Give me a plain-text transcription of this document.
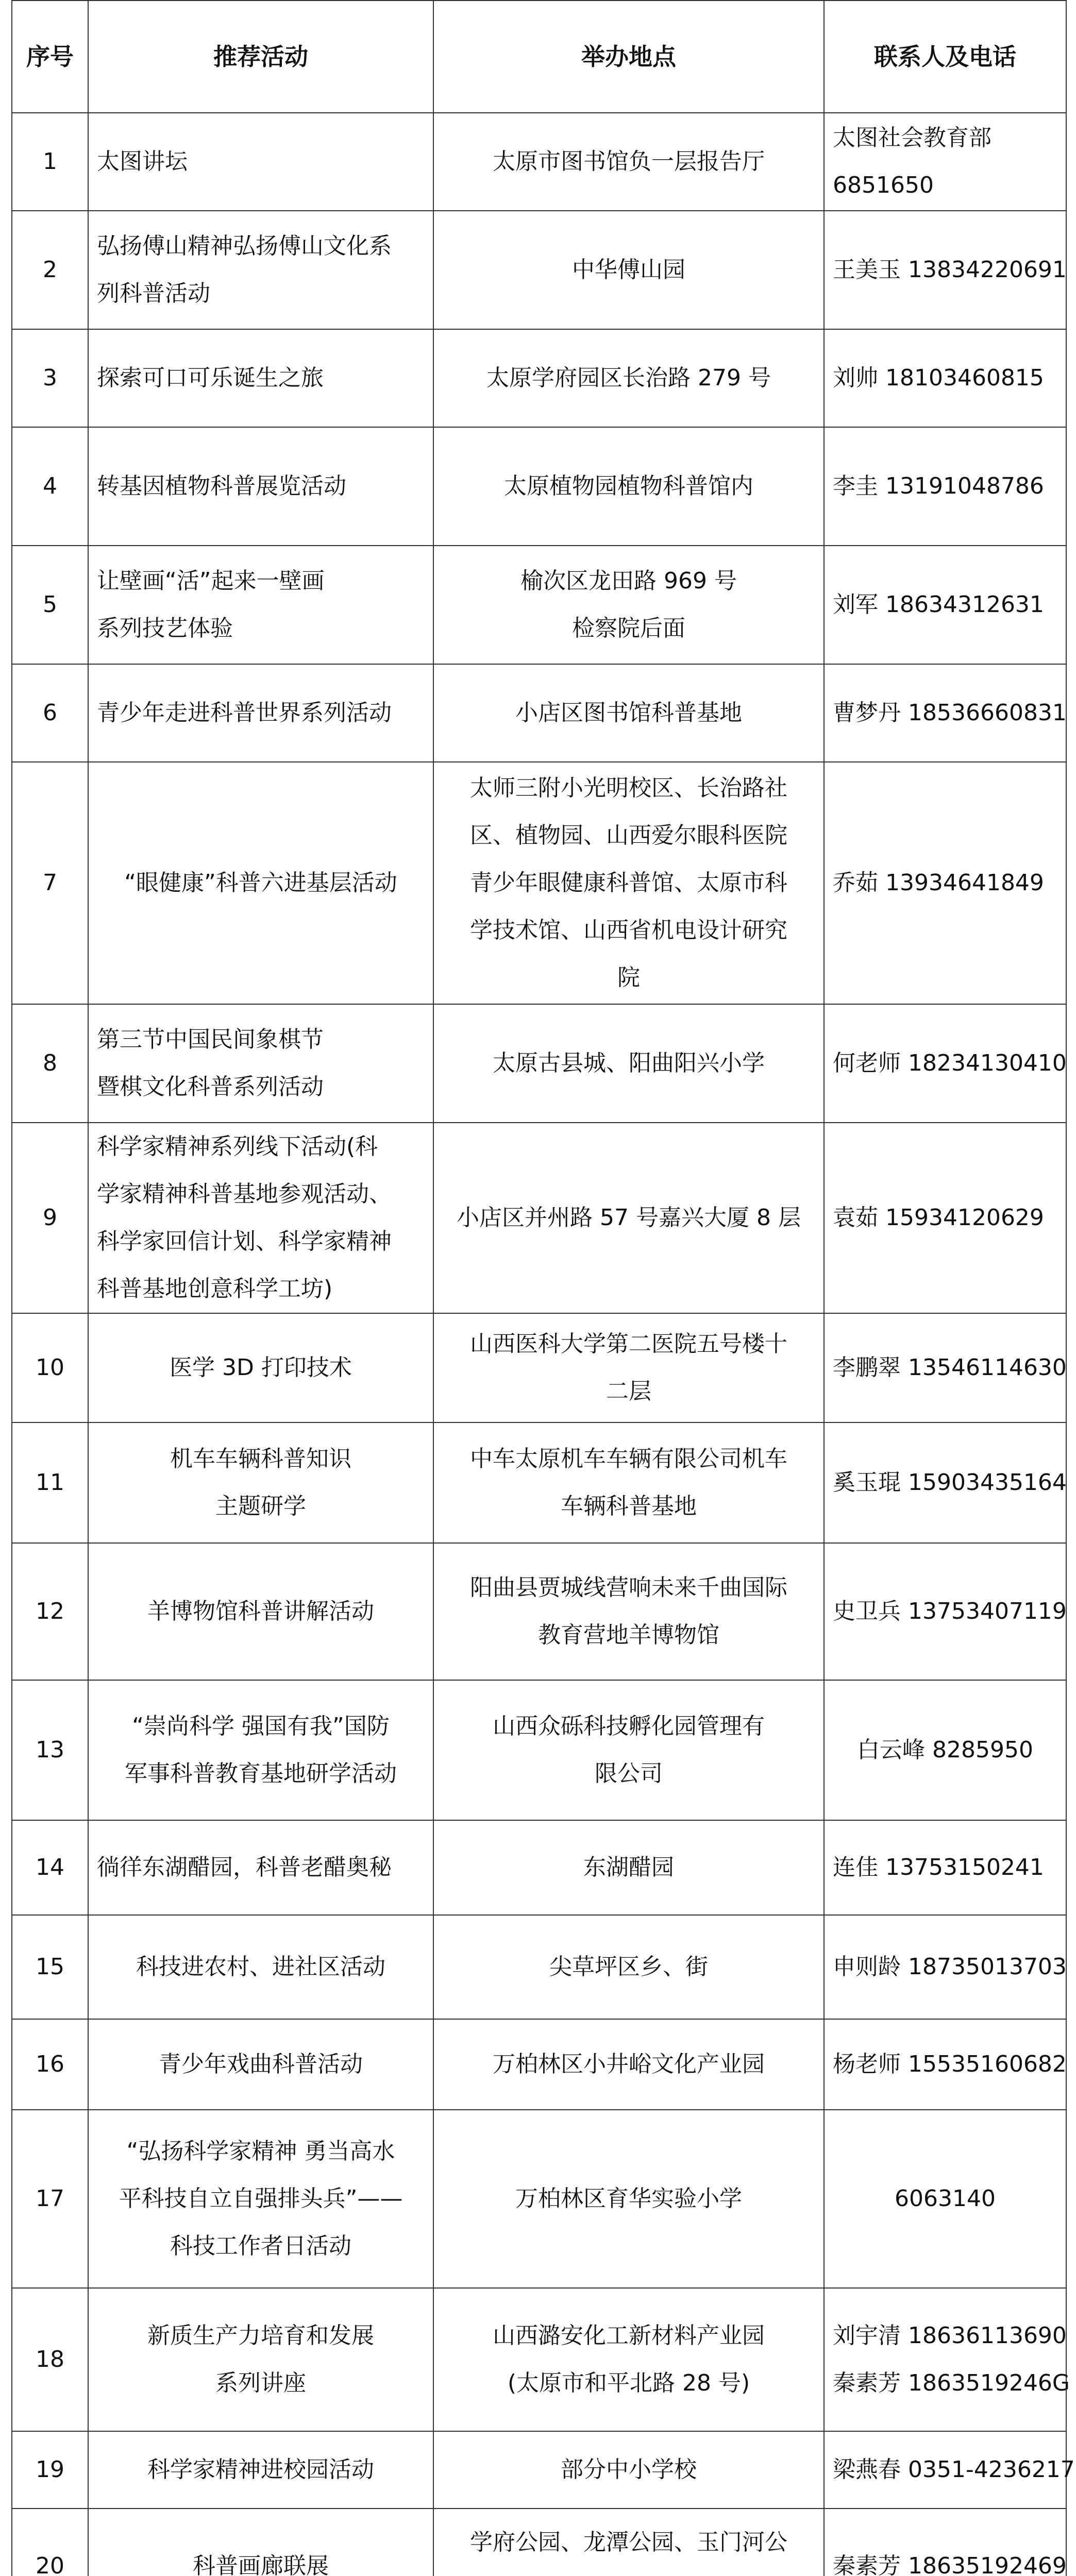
序号	推荐活动	举办地点	联系人及电话
1	太图讲坛	太原市图书馆负一层报告厅	太图社会教育部
6851650

2	弘扬傅山精神弘扬傅山文化系
列科普活动	中华傅山园	王美玉 13834220691

3	探索可口可乐诞生之旅	太原学府园区长治路 279 号	刘帅 18103460815

4	转基因植物科普展览活动	太原植物园植物科普馆内	李圭 13191048786

5	让壁画“活”起来一壁画
系列技艺体验	榆次区龙田路 969 号
检察院后面	刘军 18634312631

6	青少年走进科普世界系列活动	小店区图书馆科普基地	曹梦丹 18536660831

7	“眼健康”科普六进基层活动	太师三附小光明校区、长治路社
区、植物园、山西爱尔眼科医院
青少年眼健康科普馆、太原市科
学技术馆、山西省机电设计研究
院	乔茹 13934641849

8	第三节中国民间象棋节
暨棋文化科普系列活动	太原古县城、阳曲阳兴小学	何老师 18234130410

9	科学家精神系列线下活动(科
学家精神科普基地参观活动、
科学家回信计划、科学家精神
科普基地创意科学工坊)	小店区并州路 57 号嘉兴大厦 8 层	袁茹 15934120629

10	医学 3D 打印技术	山西医科大学第二医院五号楼十
二层	李鹏翠 13546114630

11	机车车辆科普知识
主题研学	中车太原机车车辆有限公司机车
车辆科普基地	奚玉琨 15903435164

12	羊博物馆科普讲解活动	阳曲县贾城线营响未来千曲国际
教育营地羊博物馆	史卫兵 13753407119

13	“崇尚科学 强国有我”国防
军事科普教育基地研学活动	山西众砾科技孵化园管理有
限公司	白云峰 8285950

14	徜徉东湖醋园，科普老醋奥秘	东湖醋园	连佳 13753150241

15	科技进农村、进社区活动	尖草坪区乡、街	申则龄 18735013703

16	青少年戏曲科普活动	万柏林区小井峪文化产业园	杨老师 15535160682

17	“弘扬科学家精神 勇当高水
平科技自立自强排头兵”——
科技工作者日活动	万柏林区育华实验小学	6063140

18	新质生产力培育和发展
系列讲座	山西潞安化工新材料产业园
(太原市和平北路 28 号)	刘宇清 18636113690
秦素芳 1863519246G

19	科学家精神进校园活动	部分中小学校	梁燕春 0351-4236217

20	科普画廊联展	学府公园、龙潭公园、玉门河公	秦素芳 18635192469
